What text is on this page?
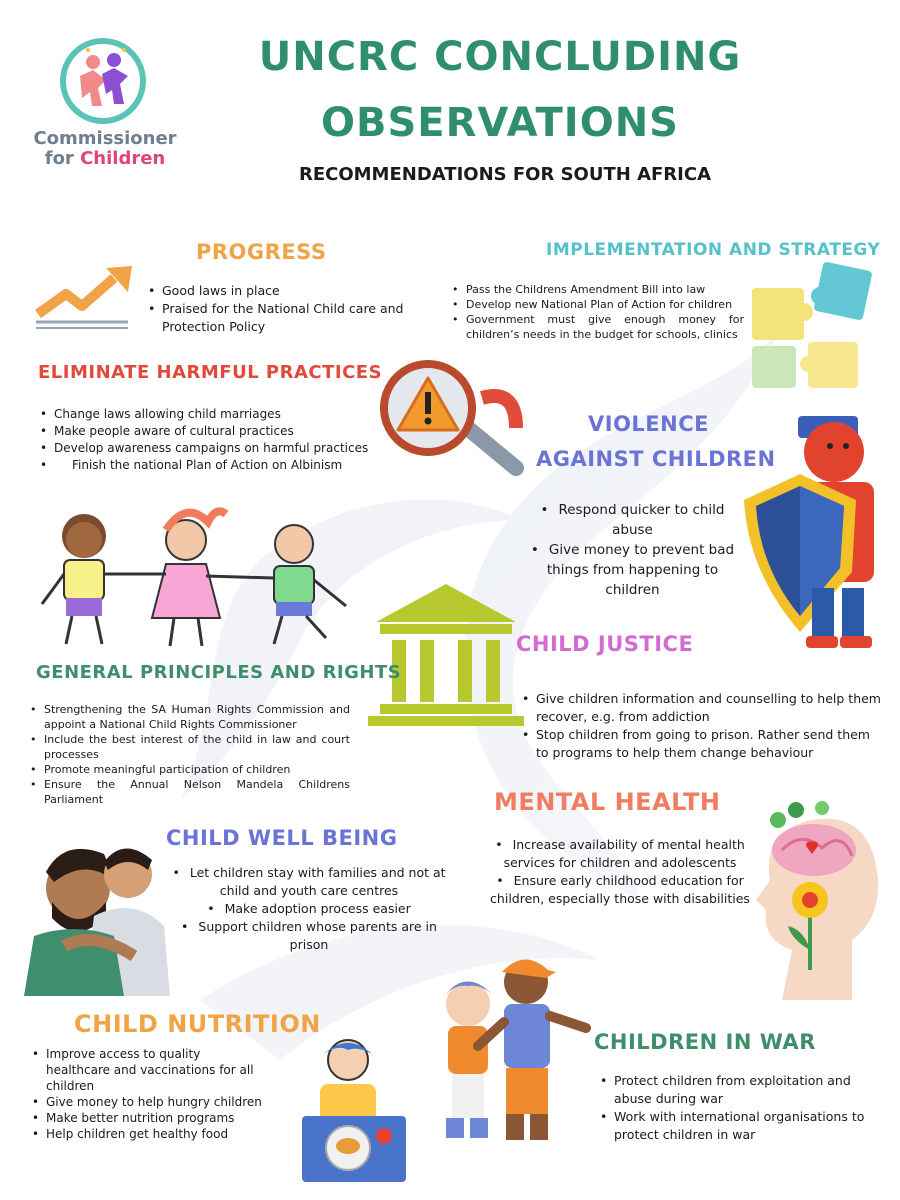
Commissioner
for Children
UNCRC CONCLUDING
OBSERVATIONS
RECOMMENDATIONS FOR SOUTH AFRICA
PROGRESS
• Good laws in place
• Praised for the National Child care and Protection Policy
IMPLEMENTATION AND STRATEGY
• Pass the Childrens Amendment Bill into law
• Develop new National Plan of Action for children
• Government must give enough money for children’s needs in the budget for schools, clinics
ELIMINATE HARMFUL PRACTICES
• Change laws allowing child marriages
• Make people aware of cultural practices
• Develop awareness campaigns on harmful practices
• Finish the national Plan of Action on Albinism
VIOLENCE
AGAINST CHILDREN
• Respond quicker to child abuse
• Give money to prevent bad things from happening to children
CHILD JUSTICE
• Give children information and counselling to help them recover, e.g. from addiction
• Stop children from going to prison. Rather send them to programs to help them change behaviour
GENERAL PRINCIPLES AND RIGHTS
• Strengthening the SA Human Rights Commission and appoint a National Child Rights Commissioner
• Include the best interest of the child in law and court processes
• Promote meaningful participation of children
• Ensure the Annual Nelson Mandela Childrens Parliament	MENTAL HEALTH
• Increase availability of mental health services for children and adolescents
• Ensure early childhood education for children, especially those with disabilities
CHILD WELL BEING
• Let children stay with families and not at child and youth care centres
• Make adoption process easier
• Support children whose parents are in prison
CHILD NUTRITION
• Improve access to quality healthcare and vaccinations for all children
• Give money to help hungry children
• Make better nutrition programs
• Help children get healthy food
CHILDREN IN WAR
• Protect children from exploitation and abuse during war
• Work with international organisations to protect children in war
